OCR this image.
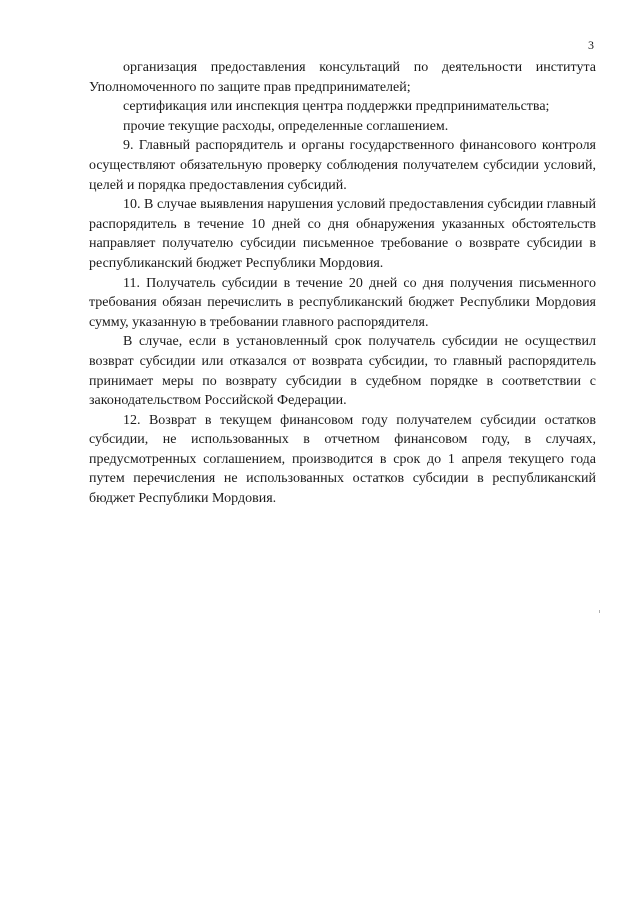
3

организация предоставления консультаций по деятельности института Уполномоченного по защите прав предпринимателей;

сертификация или инспекция центра поддержки предпринимательства;

прочие текущие расходы, определенные соглашением.

9. Главный распорядитель и органы государственного финансового контроля осуществляют обязательную проверку соблюдения получателем субсидии условий, целей и порядка предоставления субсидий.

10. В случае выявления нарушения условий предоставления субсидии главный распорядитель в течение 10 дней со дня обнаружения указанных обстоятельств направляет получателю субсидии письменное требование о возврате субсидии в республиканский бюджет Республики Мордовия.

11. Получатель субсидии в течение 20 дней со дня получения письменного требования обязан перечислить в республиканский бюджет Республики Мордовия сумму, указанную в требовании главного распорядителя.

В случае, если в установленный срок получатель субсидии не осуществил возврат субсидии или отказался от возврата субсидии, то главный распорядитель принимает меры по возврату субсидии в судебном порядке в соответствии с законодательством Российской Федерации.

12. Возврат в текущем финансовом году получателем субсидии остатков субсидии, не использованных в отчетном финансовом году, в случаях, предусмотренных соглашением, производится в срок до 1 апреля текущего года путем перечисления не использованных остатков субсидии в республиканский бюджет Республики Мордовия.
